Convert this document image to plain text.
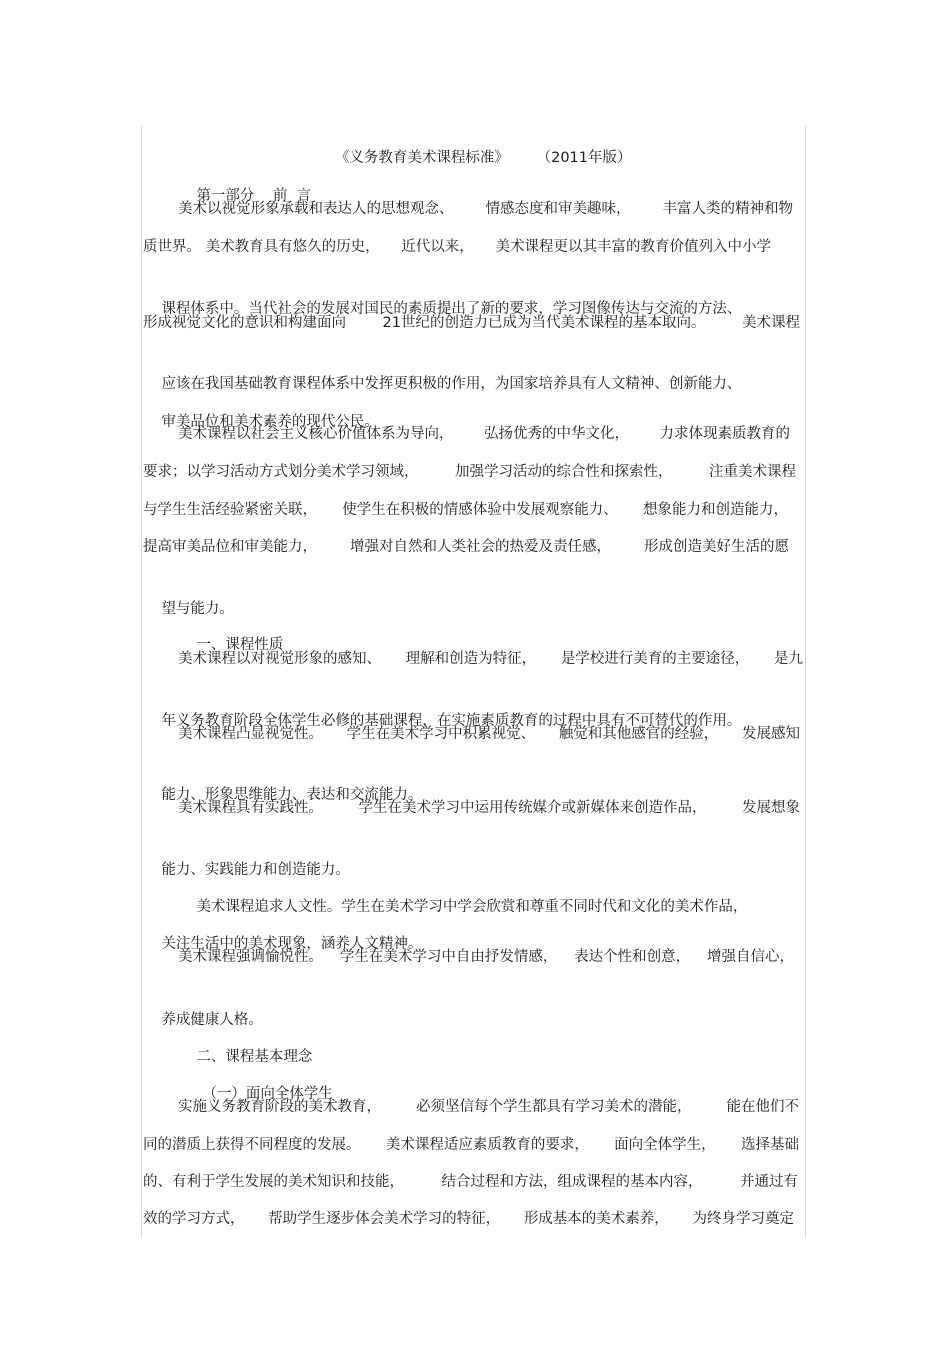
《义务教育美术课程标准》 （2011年版）

第一部分 前 言

美术以视觉形象承载和表达人的思想观念、 情感态度和审美趣味， 丰富人类的精神和物
质世界。 美术教育具有悠久的历史， 近代以来， 美术课程更以其丰富的教育价值列入中小学

课程体系中。当代社会的发展对国民的素质提出了新的要求，学习图像传达与交流的方法、

形成视觉文化的意识和构建面向	21世纪的创造力已成为当代美术课程的基本取向。	美术课程

应该在我国基础教育课程体系中发挥更积极的作用，为国家培养具有人文精神、创新能力、

审美品位和美术素养的现代公民。

美术课程以社会主义核心价值体系为导向， 弘扬优秀的中华文化， 力求体现素质教育的
要求；以学习活动方式划分美术学习领域，	加强学习活动的综合性和探索性，	注重美术课程
与学生生活经验紧密关联， 使学生在积极的情感体验中发展观察能力、 想象能力和创造能力，
提高审美品位和审美能力， 增强对自然和人类社会的热爱及责任感， 形成创造美好生活的愿

望与能力。

一、课程性质

美术课程以对视觉形象的感知、 理解和创造为特征， 是学校进行美育的主要途径， 是九

年义务教育阶段全体学生必修的基础课程，在实施素质教育的过程中具有不可替代的作用。

美术课程凸显视觉性。 学生在美术学习中积累视觉、 触觉和其他感官的经验， 发展感知

能力、形象思维能力、表达和交流能力。

美术课程具有实践性。 学生在美术学习中运用传统媒介或新媒体来创造作品， 发展想象

能力、实践能力和创造能力。

美术课程追求人文性。学生在美术学习中学会欣赏和尊重不同时代和文化的美术作品，

关注生活中的美术现象，涵养人文精神。

美术课程强调愉悦性。 学生在美术学习中自由抒发情感， 表达个性和创意， 增强自信心，

养成健康人格。

二、课程基本理念

（一）面向全体学生

实施义务教育阶段的美术教育， 必须坚信每个学生都具有学习美术的潜能， 能在他们不
同的潜质上获得不同程度的发展。 美术课程适应素质教育的要求， 面向全体学生， 选择基础
的、有利于学生发展的美术知识和技能，	结合过程和方法，组成课程的基本内容，	并通过有
效的学习方式， 帮助学生逐步体会美术学习的特征， 形成基本的美术素养， 为终身学习奠定
